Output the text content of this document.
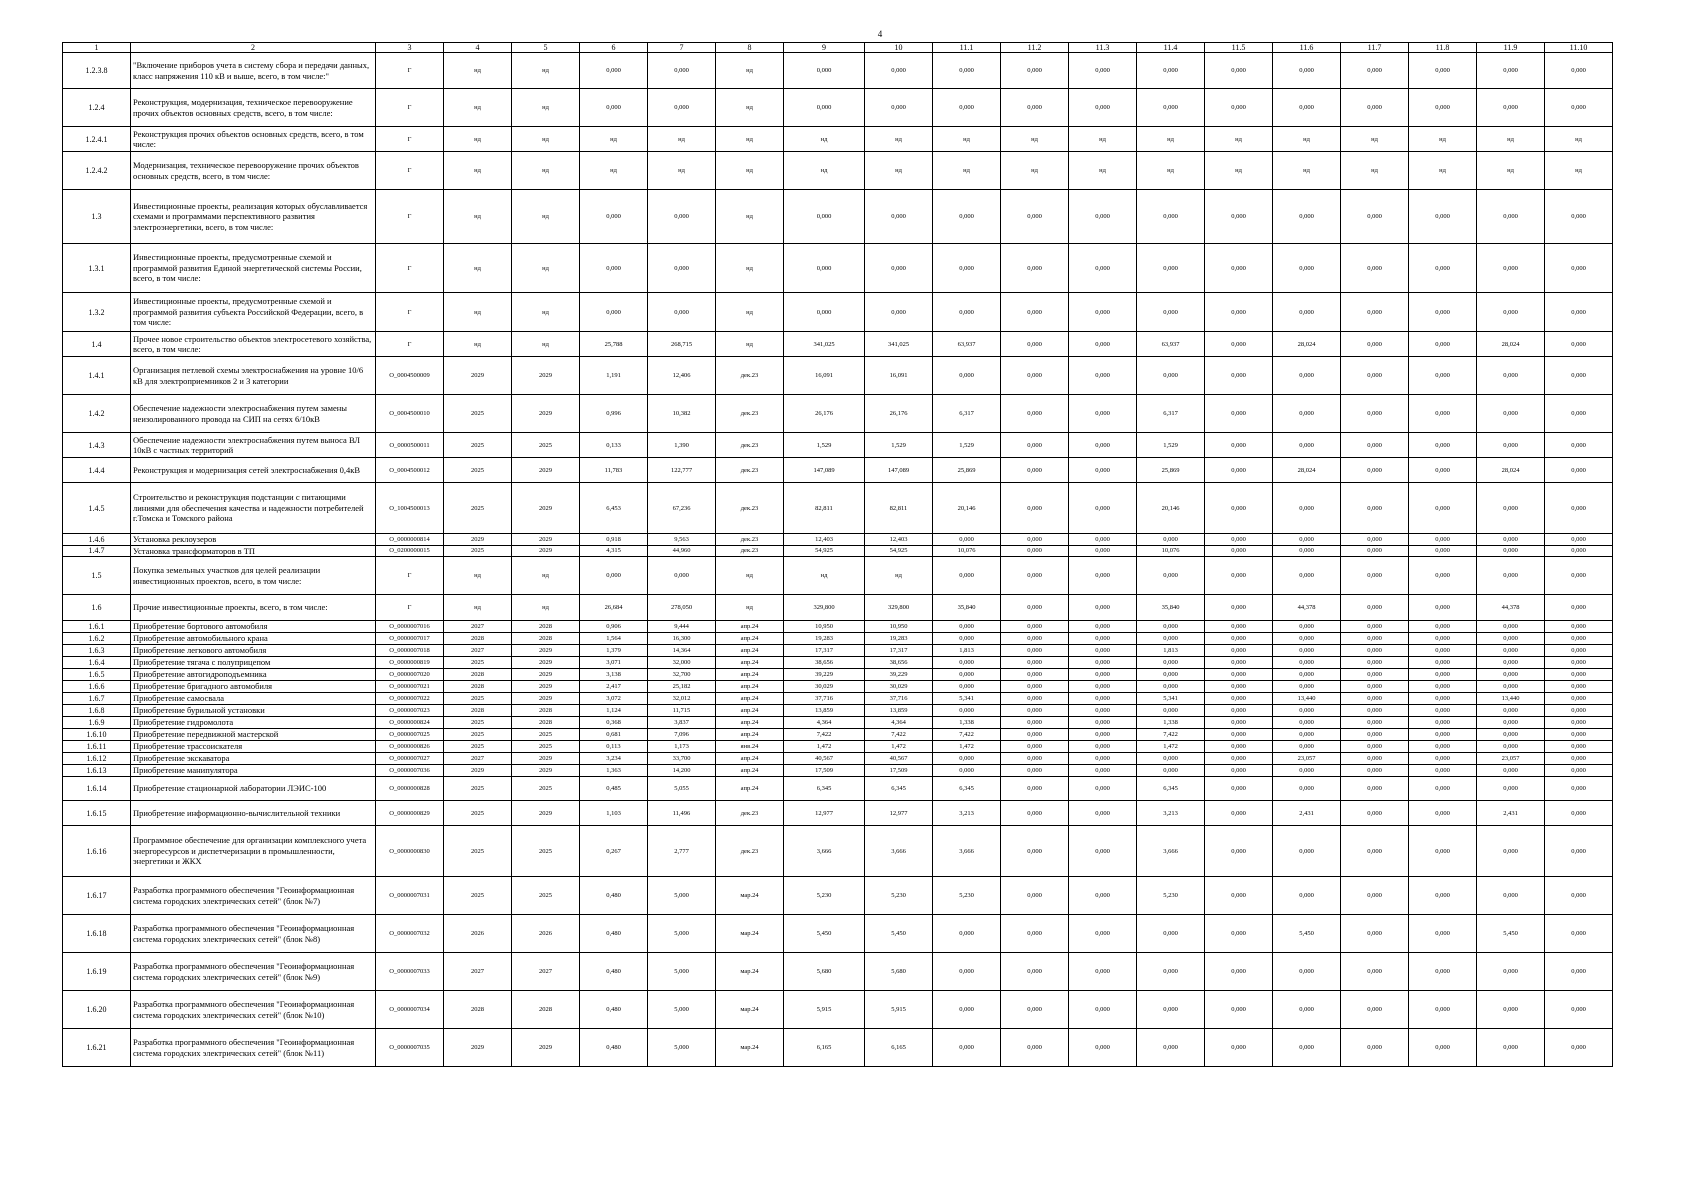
4
1	2	3	4	5	6	7	8	9	10	11.1	11.2	11.3	11.4	11.5	11.6	11.7	11.8	11.9	11.10
1.2.3.8	"Включение приборов учета в систему сбора и передачи данных, класс напряжения 110 кВ и выше, всего, в том числе:"	Г	нд	нд	0,000	0,000	нд	0,000	0,000	0,000	0,000	0,000	0,000	0,000	0,000	0,000	0,000	0,000	0,000
1.2.4	Реконструкция, модернизация, техническое перевооружение прочих объектов основных средств, всего, в том числе:	Г	нд	нд	0,000	0,000	нд	0,000	0,000	0,000	0,000	0,000	0,000	0,000	0,000	0,000	0,000	0,000	0,000
1.2.4.1	Реконструкция прочих объектов основных средств, всего, в том числе:	Г	нд	нд	нд	нд	нд	нд	нд	нд	нд	нд	нд	нд	нд	нд	нд	нд	нд
1.2.4.2	Модернизация, техническое перевооружение прочих объектов основных средств, всего, в том числе:	Г	нд	нд	нд	нд	нд	нд	нд	нд	нд	нд	нд	нд	нд	нд	нд	нд	нд
1.3	Инвестиционные проекты, реализация которых обуславливается схемами и программами перспективного развития электроэнергетики, всего, в том числе:	Г	нд	нд	0,000	0,000	нд	0,000	0,000	0,000	0,000	0,000	0,000	0,000	0,000	0,000	0,000	0,000	0,000
1.3.1	Инвестиционные проекты, предусмотренные схемой и программой развития Единой энергетической системы России, всего, в том числе:	Г	нд	нд	0,000	0,000	нд	0,000	0,000	0,000	0,000	0,000	0,000	0,000	0,000	0,000	0,000	0,000	0,000
1.3.2	Инвестиционные проекты, предусмотренные схемой и программой развития субъекта Российской Федерации, всего, в том числе:	Г	нд	нд	0,000	0,000	нд	0,000	0,000	0,000	0,000	0,000	0,000	0,000	0,000	0,000	0,000	0,000	0,000
1.4	Прочее новое строительство объектов электросетевого хозяйства, всего, в том числе:	Г	нд	нд	25,788	268,715	нд	341,025	341,025	63,937	0,000	0,000	63,937	0,000	28,024	0,000	0,000	28,024	0,000
1.4.1	Организация петлевой схемы электроснабжения на уровне 10/6 кВ для электроприемников 2 и 3 категории	О_0004500009	2029	2029	1,191	12,406	дек.23	16,091	16,091	0,000	0,000	0,000	0,000	0,000	0,000	0,000	0,000	0,000	0,000
1.4.2	Обеспечение надежности электроснабжения путем замены неизолированного провода на СИП на сетях 6/10кВ	О_0004500010	2025	2029	0,996	10,382	дек.23	26,176	26,176	6,317	0,000	0,000	6,317	0,000	0,000	0,000	0,000	0,000	0,000
1.4.3	Обеспечение надежности электроснабжения путем выноса ВЛ 10кВ с частных территорий	О_0000500011	2025	2025	0,133	1,390	дек.23	1,529	1,529	1,529	0,000	0,000	1,529	0,000	0,000	0,000	0,000	0,000	0,000
1.4.4	Реконструкция и модернизация сетей электроснабжения 0,4кВ	О_0004500012	2025	2029	11,783	122,777	дек.23	147,089	147,089	25,869	0,000	0,000	25,869	0,000	28,024	0,000	0,000	28,024	0,000
1.4.5	Строительство и реконструкция подстанции с питающими линиями для обеспечения качества и надежности потребителей г.Томска и Томского района	О_1004500013	2025	2029	6,453	67,236	дек.23	82,811	82,811	20,146	0,000	0,000	20,146	0,000	0,000	0,000	0,000	0,000	0,000
1.4.6	Установка реклоузеров	О_0000000814	2029	2029	0,918	9,563	дек.23	12,403	12,403	0,000	0,000	0,000	0,000	0,000	0,000	0,000	0,000	0,000	0,000
1.4.7	Установка трансформаторов в ТП	О_0200000015	2025	2029	4,315	44,960	дек.23	54,925	54,925	10,076	0,000	0,000	10,076	0,000	0,000	0,000	0,000	0,000	0,000
1.5	Покупка земельных участков для целей реализации инвестиционных проектов, всего, в том числе:	Г	нд	нд	0,000	0,000	нд	нд	нд	0,000	0,000	0,000	0,000	0,000	0,000	0,000	0,000	0,000	0,000
1.6	Прочие инвестиционные проекты, всего, в том числе:	Г	нд	нд	26,684	278,050	нд	329,800	329,800	35,840	0,000	0,000	35,840	0,000	44,378	0,000	0,000	44,378	0,000
1.6.1	Приобретение бортового автомобиля	О_0000007016	2027	2028	0,906	9,444	апр.24	10,950	10,950	0,000	0,000	0,000	0,000	0,000	0,000	0,000	0,000	0,000	0,000
1.6.2	Приобретение автомобильного крана	О_0000007017	2028	2028	1,564	16,300	апр.24	19,283	19,283	0,000	0,000	0,000	0,000	0,000	0,000	0,000	0,000	0,000	0,000
1.6.3	Приобретение легкового автомобиля	О_0000007018	2027	2029	1,379	14,364	апр.24	17,317	17,317	1,813	0,000	0,000	1,813	0,000	0,000	0,000	0,000	0,000	0,000
1.6.4	Приобретение тягача с полуприцепом	О_0000000819	2025	2029	3,071	32,000	апр.24	38,656	38,656	0,000	0,000	0,000	0,000	0,000	0,000	0,000	0,000	0,000	0,000
1.6.5	Приобретение автогидроподъемника	О_0000007020	2028	2029	3,138	32,700	апр.24	39,229	39,229	0,000	0,000	0,000	0,000	0,000	0,000	0,000	0,000	0,000	0,000
1.6.6	Приобретение бригадного автомобиля	О_0000007021	2028	2029	2,417	25,182	апр.24	30,029	30,029	0,000	0,000	0,000	0,000	0,000	0,000	0,000	0,000	0,000	0,000
1.6.7	Приобретение самосвала	О_0000007022	2025	2029	3,072	32,012	апр.24	37,716	37,716	5,341	0,000	0,000	5,341	0,000	13,440	0,000	0,000	13,440	0,000
1.6.8	Приобретение бурильной установки	О_0000007023	2028	2028	1,124	11,715	апр.24	13,859	13,859	0,000	0,000	0,000	0,000	0,000	0,000	0,000	0,000	0,000	0,000
1.6.9	Приобретение гидромолота	О_0000000824	2025	2028	0,368	3,837	апр.24	4,364	4,364	1,338	0,000	0,000	1,338	0,000	0,000	0,000	0,000	0,000	0,000
1.6.10	Приобретение передвижной мастерской	О_0000007025	2025	2025	0,681	7,096	апр.24	7,422	7,422	7,422	0,000	0,000	7,422	0,000	0,000	0,000	0,000	0,000	0,000
1.6.11	Приобретение трассоискателя	О_0000000826	2025	2025	0,113	1,173	янв.24	1,472	1,472	1,472	0,000	0,000	1,472	0,000	0,000	0,000	0,000	0,000	0,000
1.6.12	Приобретение экскаватора	О_0000007027	2027	2029	3,234	33,700	апр.24	40,567	40,567	0,000	0,000	0,000	0,000	0,000	23,057	0,000	0,000	23,057	0,000
1.6.13	Приобретение манипулятора	О_0000007036	2029	2029	1,363	14,200	апр.24	17,509	17,509	0,000	0,000	0,000	0,000	0,000	0,000	0,000	0,000	0,000	0,000
1.6.14	Приобретение стационарной лаборатории ЛЭИС-100	О_0000000828	2025	2025	0,485	5,055	апр.24	6,345	6,345	6,345	0,000	0,000	6,345	0,000	0,000	0,000	0,000	0,000	0,000
1.6.15	Приобретение информационно-вычислительной техники	О_0000000829	2025	2029	1,103	11,496	дек.23	12,977	12,977	3,213	0,000	0,000	3,213	0,000	2,431	0,000	0,000	2,431	0,000
1.6.16	Программное обеспечение для организации комплексного учета энергоресурсов и диспетчеризации в промышленности, энергетики и ЖКХ	О_0000000830	2025	2025	0,267	2,777	дек.23	3,666	3,666	3,666	0,000	0,000	3,666	0,000	0,000	0,000	0,000	0,000	0,000
1.6.17	Разработка программного обеспечения "Геоинформационная система городских электрических сетей" (блок №7)	О_0000007031	2025	2025	0,480	5,000	мар.24	5,230	5,230	5,230	0,000	0,000	5,230	0,000	0,000	0,000	0,000	0,000	0,000
1.6.18	Разработка программного обеспечения "Геоинформационная система городских электрических сетей" (блок №8)	О_0000007032	2026	2026	0,480	5,000	мар.24	5,450	5,450	0,000	0,000	0,000	0,000	0,000	5,450	0,000	0,000	5,450	0,000
1.6.19	Разработка программного обеспечения "Геоинформационная система городских электрических сетей" (блок №9)	О_0000007033	2027	2027	0,480	5,000	мар.24	5,680	5,680	0,000	0,000	0,000	0,000	0,000	0,000	0,000	0,000	0,000	0,000
1.6.20	Разработка программного обеспечения "Геоинформационная система городских электрических сетей" (блок №10)	О_0000007034	2028	2028	0,480	5,000	мар.24	5,915	5,915	0,000	0,000	0,000	0,000	0,000	0,000	0,000	0,000	0,000	0,000
1.6.21	Разработка программного обеспечения "Геоинформационная система городских электрических сетей" (блок №11)	О_0000007035	2029	2029	0,480	5,000	мар.24	6,165	6,165	0,000	0,000	0,000	0,000	0,000	0,000	0,000	0,000	0,000	0,000
